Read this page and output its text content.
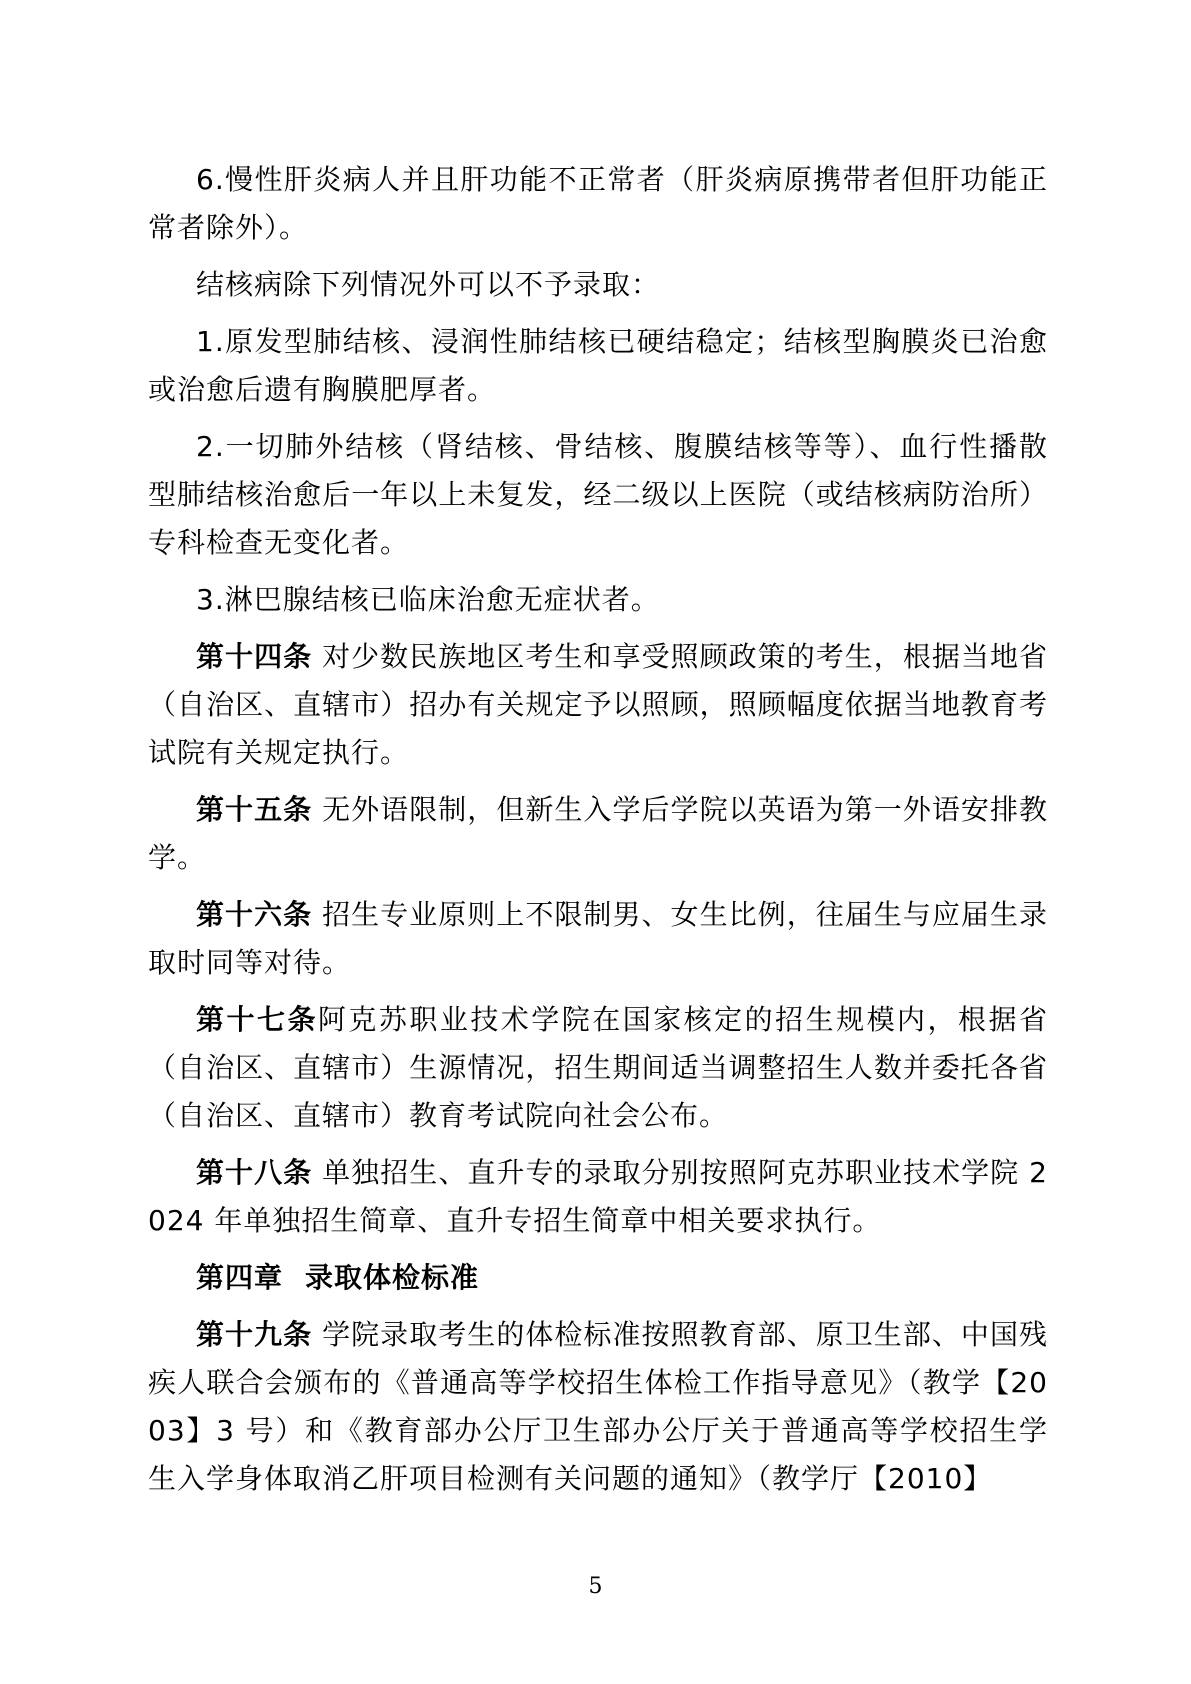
6.慢性肝炎病人并且肝功能不正常者（肝炎病原携带者但肝功能正常者除外）。

结核病除下列情况外可以不予录取：

1.原发型肺结核、浸润性肺结核已硬结稳定；结核型胸膜炎已治愈或治愈后遗有胸膜肥厚者。

2.一切肺外结核（肾结核、骨结核、腹膜结核等等）、血行性播散型肺结核治愈后一年以上未复发，经二级以上医院（或结核病防治所）专科检查无变化者。

3.淋巴腺结核已临床治愈无症状者。

第十四条 对少数民族地区考生和享受照顾政策的考生，根据当地省（自治区、直辖市）招办有关规定予以照顾，照顾幅度依据当地教育考试院有关规定执行。

第十五条 无外语限制，但新生入学后学院以英语为第一外语安排教学。

第十六条 招生专业原则上不限制男、女生比例，往届生与应届生录取时同等对待。

第十七条阿克苏职业技术学院在国家核定的招生规模内，根据省（自治区、直辖市）生源情况，招生期间适当调整招生人数并委托各省（自治区、直辖市）教育考试院向社会公布。

第十八条 单独招生、直升专的录取分别按照阿克苏职业技术学院 2024 年单独招生简章、直升专招生简章中相关要求执行。

第四章 录取体检标准

第十九条 学院录取考生的体检标准按照教育部、原卫生部、中国残疾人联合会颁布的《普通高等学校招生体检工作指导意见》（教学【2003】3 号）和《教育部办公厅卫生部办公厅关于普通高等学校招生学生入学身体取消乙肝项目检测有关问题的通知》（教学厅【2010】

5
